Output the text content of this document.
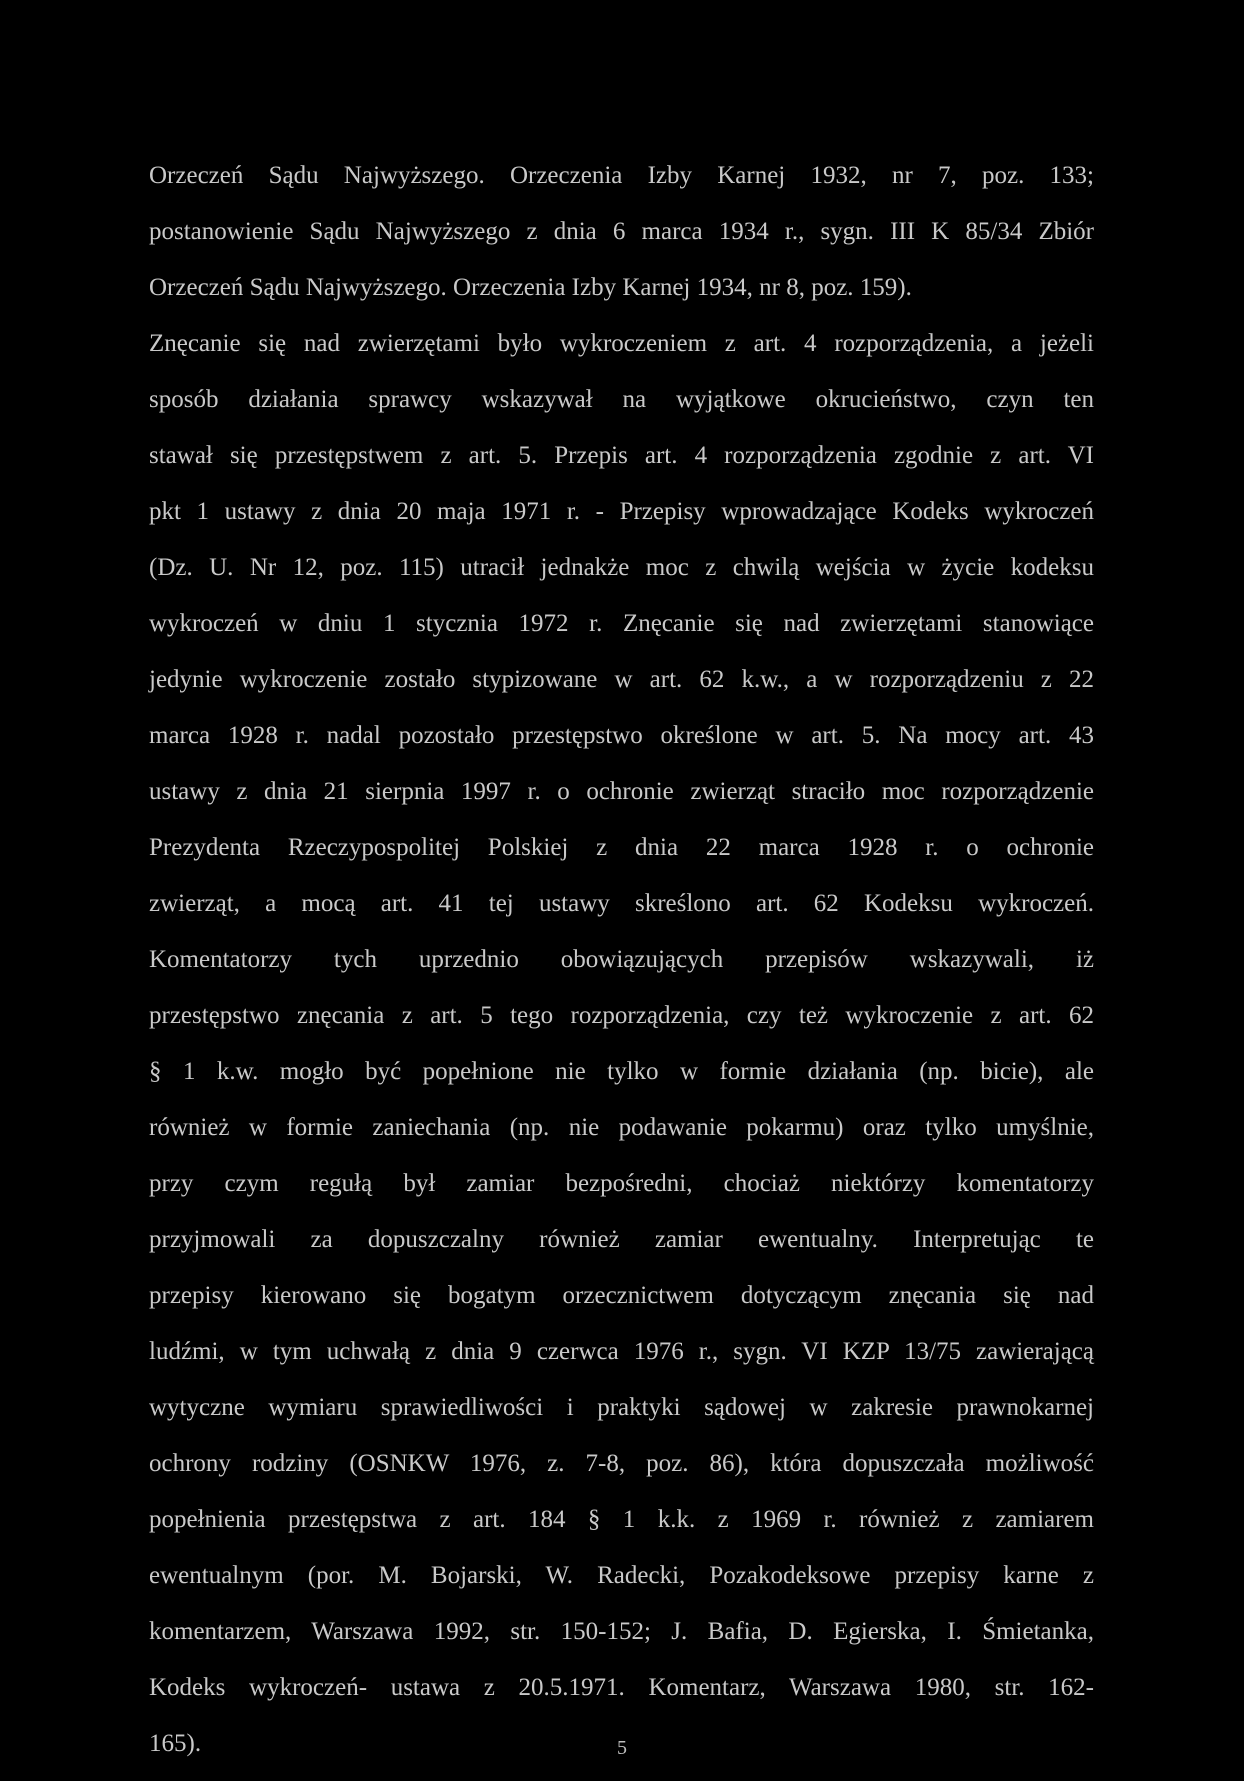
Orzeczeń Sądu Najwyższego. Orzeczenia Izby Karnej 1932, nr 7, poz. 133;
postanowienie Sądu Najwyższego z dnia 6 marca 1934 r., sygn. III K 85/34 Zbiór
Orzeczeń Sądu Najwyższego. Orzeczenia Izby Karnej 1934, nr 8, poz. 159).
Znęcanie się nad zwierzętami było wykroczeniem z art. 4 rozporządzenia, a jeżeli
sposób działania sprawcy wskazywał na wyjątkowe okrucieństwo, czyn ten
stawał się przestępstwem z art. 5. Przepis art. 4 rozporządzenia zgodnie z art. VI
pkt 1 ustawy z dnia 20 maja 1971 r. - Przepisy wprowadzające Kodeks wykroczeń
(Dz. U. Nr 12, poz. 115) utracił jednakże moc z chwilą wejścia w życie kodeksu
wykroczeń w dniu 1 stycznia 1972 r. Znęcanie się nad zwierzętami stanowiące
jedynie wykroczenie zostało stypizowane w art. 62 k.w., a w rozporządzeniu z 22
marca 1928 r. nadal pozostało przestępstwo określone w art. 5. Na mocy art. 43
ustawy z dnia 21 sierpnia 1997 r. o ochronie zwierząt straciło moc rozporządzenie
Prezydenta Rzeczypospolitej Polskiej z dnia 22 marca 1928 r. o ochronie
zwierząt, a mocą art. 41 tej ustawy skreślono art. 62 Kodeksu wykroczeń.
Komentatorzy tych uprzednio obowiązujących przepisów wskazywali, iż
przestępstwo znęcania z art. 5 tego rozporządzenia, czy też wykroczenie z art. 62
§ 1 k.w. mogło być popełnione nie tylko w formie działania (np. bicie), ale
również w formie zaniechania (np. nie podawanie pokarmu) oraz tylko umyślnie,
przy czym regułą był zamiar bezpośredni, chociaż niektórzy komentatorzy
przyjmowali za dopuszczalny również zamiar ewentualny. Interpretując te
przepisy kierowano się bogatym orzecznictwem dotyczącym znęcania się nad
ludźmi, w tym uchwałą z dnia 9 czerwca 1976 r., sygn. VI KZP 13/75 zawierającą
wytyczne wymiaru sprawiedliwości i praktyki sądowej w zakresie prawnokarnej
ochrony rodziny (OSNKW 1976, z. 7-8, poz. 86), która dopuszczała możliwość
popełnienia przestępstwa z art. 184 § 1 k.k. z 1969 r. również z zamiarem
ewentualnym (por. M. Bojarski, W. Radecki, Pozakodeksowe przepisy karne z
komentarzem, Warszawa 1992, str. 150-152; J. Bafia, D. Egierska, I. Śmietanka,
Kodeks wykroczeń- ustawa z 20.5.1971. Komentarz, Warszawa 1980, str. 162-
165).	5
